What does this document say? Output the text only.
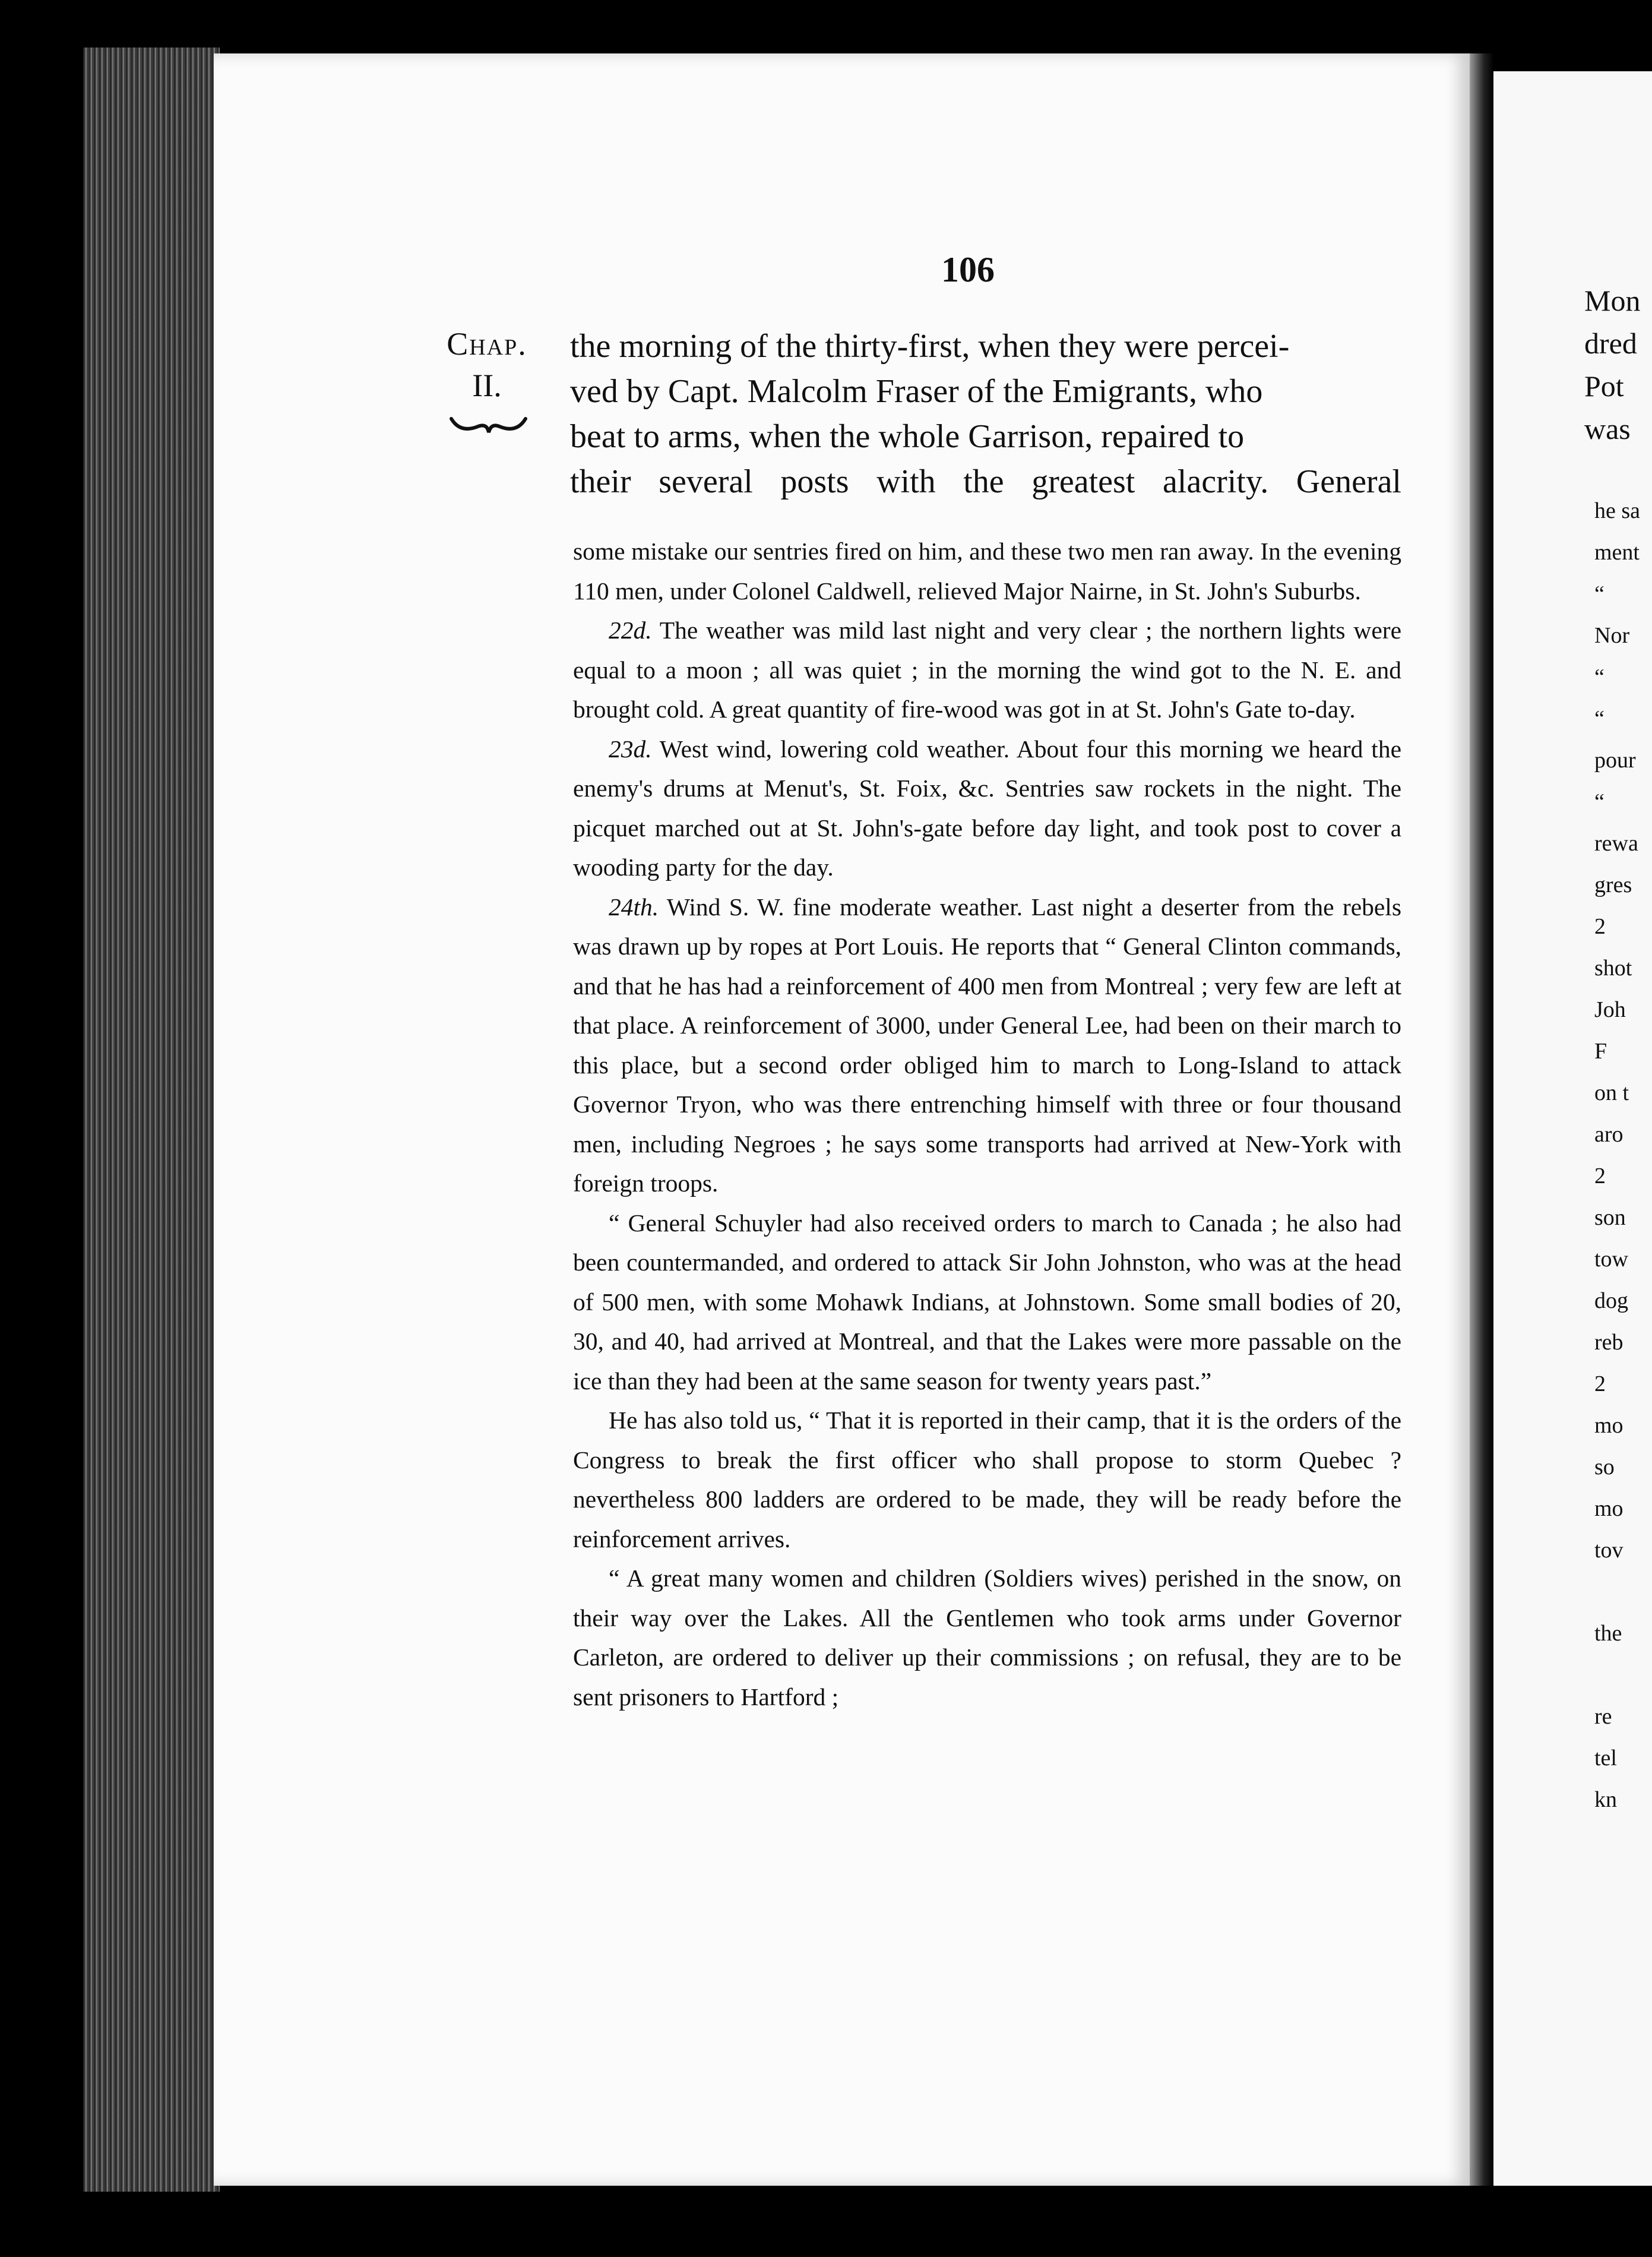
106
Chap.
II.

the morning of the thirty-first, when they were percei-

ved by Capt. Malcolm Fraser of the Emigrants, who

beat to arms, when the whole Garrison, repaired to

their several posts with the greatest alacrity. General

some mistake our sentries fired on him, and these two men ran away. In the evening 110 men, under Colonel Caldwell, relieved Major Nairne, in St. John's Suburbs.

22d. The weather was mild last night and very clear ; the northern lights were equal to a moon ; all was quiet ; in the morning the wind got to the N. E. and brought cold. A great quantity of fire-wood was got in at St. John's Gate to-day.

23d. West wind, lowering cold weather. About four this morning we heard the enemy's drums at Menut's, St. Foix, &c. Sentries saw rockets in the night. The picquet marched out at St. John's-gate before day light, and took post to cover a wooding party for the day.

24th. Wind S. W. fine moderate weather. Last night a deserter from the rebels was drawn up by ropes at Port Louis. He reports that “ General Clinton commands, and that he has had a reinforcement of 400 men from Montreal ; very few are left at that place. A reinforcement of 3000, under General Lee, had been on their march to this place, but a second order obliged him to march to Long-Island to attack Governor Tryon, who was there entrenching himself with three or four thousand men, including Negroes ; he says some transports had arrived at New-York with foreign troops.

“ General Schuyler had also received orders to march to Canada ; he also had been countermanded, and ordered to attack Sir John Johnston, who was at the head of 500 men, with some Mohawk Indians, at Johnstown. Some small bodies of 20, 30, and 40, had arrived at Montreal, and that the Lakes were more passable on the ice than they had been at the same season for twenty years past.”

He has also told us, “ That it is reported in their camp, that it is the orders of the Congress to break the first officer who shall propose to storm Quebec ? nevertheless 800 ladders are ordered to be made, they will be ready before the reinforcement arrives.

“ A great many women and children (Soldiers wives) perished in the snow, on their way over the Lakes. All the Gentlemen who took arms under Governor Carleton, are ordered to deliver up their commissions ; on refusal, they are to be sent prisoners to Hartford ;

Mon
dred
Pot
was
he sa
ment
“
Nor
“
“
pour
“
rewa
gres
2
shot
Joh
F
on t
aro
2
son
tow
dog
reb
2
mo
so
mo
tov

the

re
tel
kn
